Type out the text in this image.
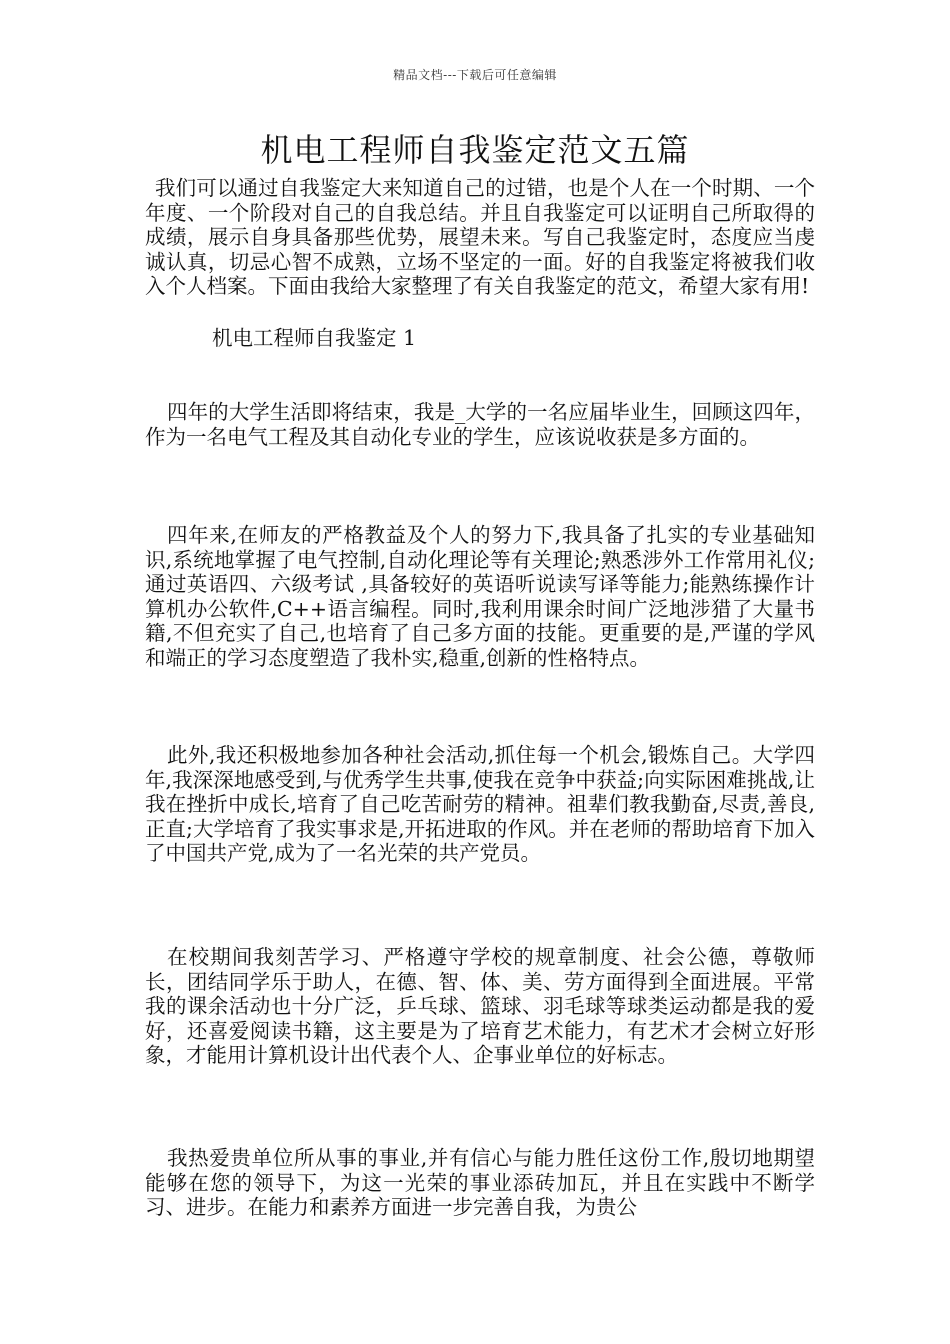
精品文档---下载后可任意编辑
机电工程师自我鉴定范文五篇

我们可以通过自我鉴定大来知道自己的过错，也是个人在一个时期、一个年度、一个阶段对自己的自我总结。并且自我鉴定可以证明自己所取得的成绩，展示自身具备那些优势，展望未来。写自己我鉴定时，态度应当虔诚认真，切忌心智不成熟，立场不坚定的一面。好的自我鉴定将被我们收入个人档案。下面由我给大家整理了有关自我鉴定的范文，希望大家有用!

机电工程师自我鉴定 1

四年的大学生活即将结束，我是_大学的一名应届毕业生，回顾这四年，作为一名电气工程及其自动化专业的学生，应该说收获是多方面的。

四年来,在师友的严格教益及个人的努力下,我具备了扎实的专业基础知识,系统地掌握了电气控制,自动化理论等有关理论;熟悉涉外工作常用礼仪;通过英语四、六级考试 ,具备较好的英语听说读写译等能力;能熟练操作计算机办公软件,C++语言编程。同时,我利用课余时间广泛地涉猎了大量书籍,不但充实了自己,也培育了自己多方面的技能。更重要的是,严谨的学风和端正的学习态度塑造了我朴实,稳重,创新的性格特点。

此外,我还积极地参加各种社会活动,抓住每一个机会,锻炼自己。大学四年,我深深地感受到,与优秀学生共事,使我在竞争中获益;向实际困难挑战,让我在挫折中成长,培育了自己吃苦耐劳的精神。祖辈们教我勤奋,尽责,善良,正直;大学培育了我实事求是,开拓进取的作风。并在老师的帮助培育下加入了中国共产党,成为了一名光荣的共产党员。

在校期间我刻苦学习、严格遵守学校的规章制度、社会公德，尊敬师长，团结同学乐于助人，在德、智、体、美、劳方面得到全面进展。平常我的课余活动也十分广泛，乒乓球、篮球、羽毛球等球类运动都是我的爱好，还喜爱阅读书籍，这主要是为了培育艺术能力，有艺术才会树立好形象，才能用计算机设计出代表个人、企事业单位的好标志。

我热爱贵单位所从事的事业,并有信心与能力胜任这份工作,殷切地期望能够在您的领导下，为这一光荣的事业添砖加瓦，并且在实践中不断学习、进步。在能力和素养方面进一步完善自我，为贵公
